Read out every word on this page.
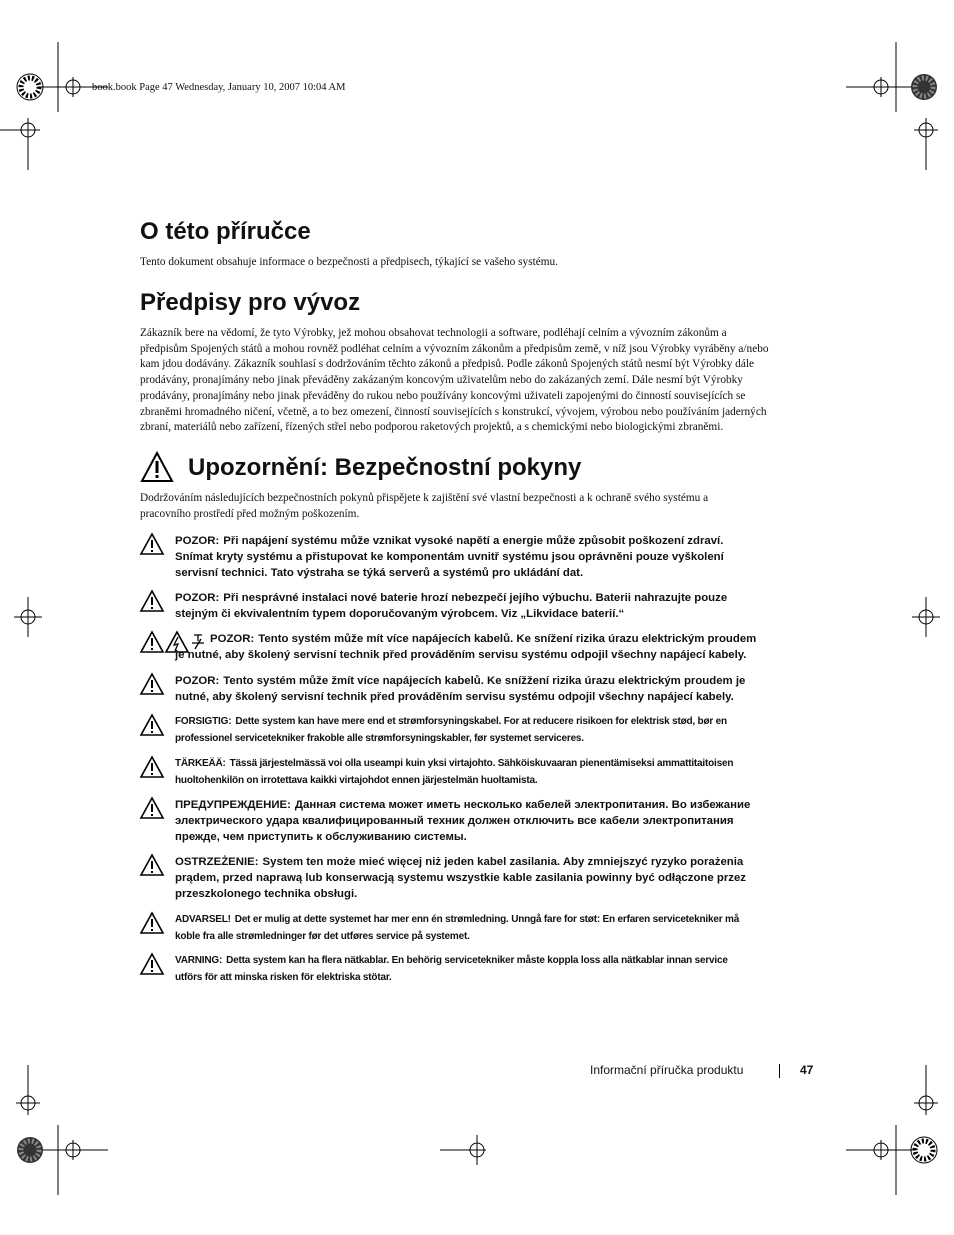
book.book Page 47 Wednesday, January 10, 2007 10:04 AM
O této příručce
Tento dokument obsahuje informace o bezpečnosti a předpisech, týkající se vašeho systému.
Předpisy pro vývoz
Zákazník bere na vědomí, že tyto Výrobky, jež mohou obsahovat technologii a software, podléhají celním a vývozním zákonům a
předpisům Spojených států a mohou rovněž podléhat celním a vývozním zákonům a předpisům země, v níž jsou Výrobky vyráběny a/nebo
kam jdou dodávány. Zákazník souhlasí s dodržováním těchto zákonů a předpisů. Podle zákonů Spojených států nesmí být Výrobky dále
prodávány, pronajímány nebo jinak převáděny zakázaným koncovým uživatelům nebo do zakázaných zemí. Dále nesmí být Výrobky
prodávány, pronajímány nebo jinak převáděny do rukou nebo používány koncovými uživateli zapojenými do činností souvisejících se
zbraněmi hromadného ničení, včetně, a to bez omezení, činností souvisejících s konstrukcí, vývojem, výrobou nebo používáním jaderných
zbraní, materiálů nebo zařízení, řízených střel nebo podporou raketových projektů, a s chemickými nebo biologickými zbraněmi.
Upozornění: Bezpečnostní pokyny
Dodržováním následujících bezpečnostních pokynů přispějete k zajištění své vlastní bezpečnosti a k ochraně svého systému a
pracovního prostředí před možným poškozením.
POZOR: Při napájení systému může vznikat vysoké napětí a energie může způsobit poškození zdraví.
Snímat kryty systému a přistupovat ke komponentám uvnitř systému jsou oprávněni pouze vyškolení
servisní technici. Tato výstraha se týká serverů a systémů pro ukládání dat.
POZOR: Při nesprávné instalaci nové baterie hrozí nebezpečí jejího výbuchu. Baterii nahrazujte pouze
stejným či ekvivalentním typem doporučovaným výrobcem. Viz „Likvidace baterií.“
POZOR: Tento systém může mít více napájecích kabelů. Ke snížení rizika úrazu elektrickým proudem
je nutné, aby školený servisní technik před prováděním servisu systému odpojil všechny napájecí kabely.
POZOR: Tento systém může žmít více napájecích kabelů. Ke snížžení rizika úrazu elektrickým proudem je
nutné, aby školený servisní technik před prováděním servisu systému odpojil všechny napájecí kabely.
FORSIGTIG: Dette system kan have mere end et strømforsyningskabel. For at reducere risikoen for elektrisk stød, bør en
professionel servicetekniker frakoble alle strømforsyningskabler, før systemet serviceres.
TÄRKEÄÄ: Tässä järjestelmässä voi olla useampi kuin yksi virtajohto. Sähköiskuvaaran pienentämiseksi ammattitaitoisen
huoltohenkilön on irrotettava kaikki virtajohdot ennen järjestelmän huoltamista.
ПРЕДУПРЕЖДЕНИЕ: Данная система может иметь несколько кабелей электропитания. Во избежание
электрического удара квалифицированный техник должен отключить все кабели электропитания
прежде, чем приступить к обслуживанию системы.
OSTRZEŻENIE: System ten może mieć więcej niż jeden kabel zasilania. Aby zmniejszyć ryzyko porażenia
prądem, przed naprawą lub konserwacją systemu wszystkie kable zasilania powinny być odłączone przez
przeszkolonego technika obsługi.
ADVARSEL! Det er mulig at dette systemet har mer enn én strømledning. Unngå fare for støt: En erfaren servicetekniker må
koble fra alle strømledninger før det utføres service på systemet.
VARNING: Detta system kan ha flera nätkablar. En behörig servicetekniker måste koppla loss alla nätkablar innan service
utförs för att minska risken för elektriska stötar.
Informační příručka produktu	47
